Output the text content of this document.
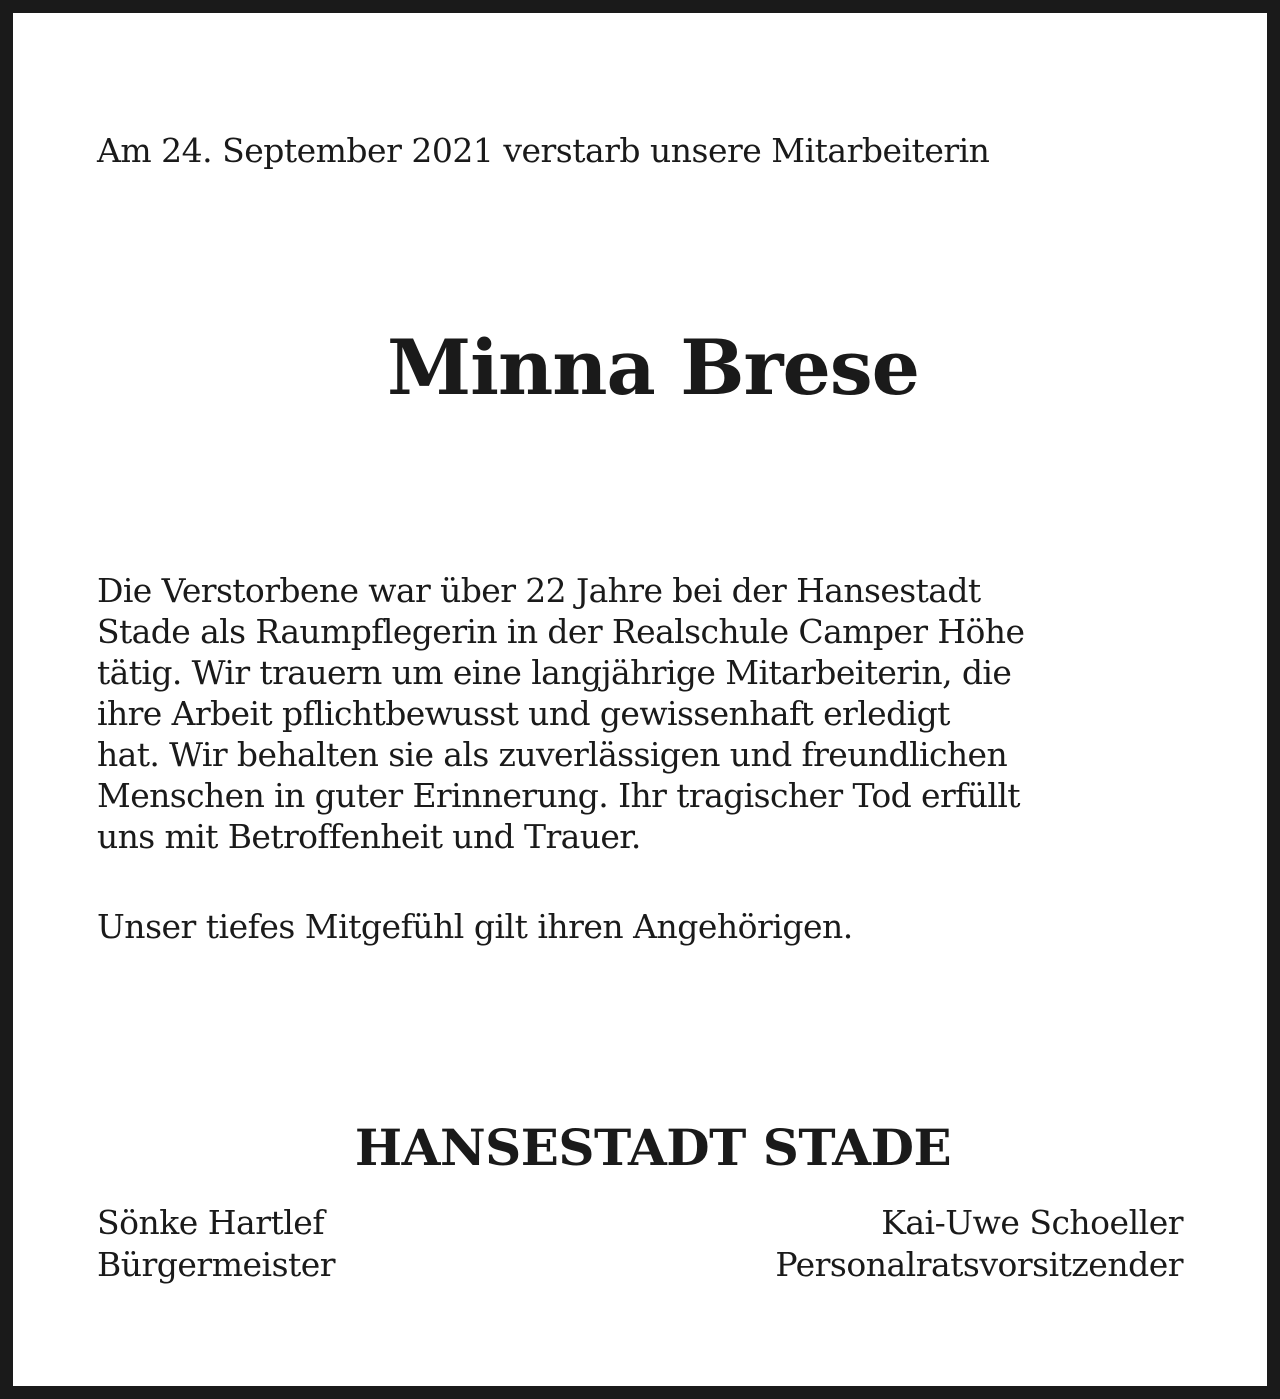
Am 24. September 2021 verstarb unsere Mitarbeiterin
Minna Brese
Die Verstorbene war über 22 Jahre bei der Hansestadt
Stade als Raumpflegerin in der Realschule Camper Höhe
tätig. Wir trauern um eine langjährige Mitarbeiterin, die
ihre Arbeit pflichtbewusst und gewissenhaft erledigt
hat. Wir behalten sie als zuverlässigen und freundlichen
Menschen in guter Erinnerung. Ihr tragischer Tod erfüllt
uns mit Betroffenheit und Trauer.
Unser tiefes Mitgefühl gilt ihren Angehörigen.
HANSESTADT STADE
Sönke Hartlef
Bürgermeister
Kai-Uwe Schoeller
Personalratsvorsitzender
